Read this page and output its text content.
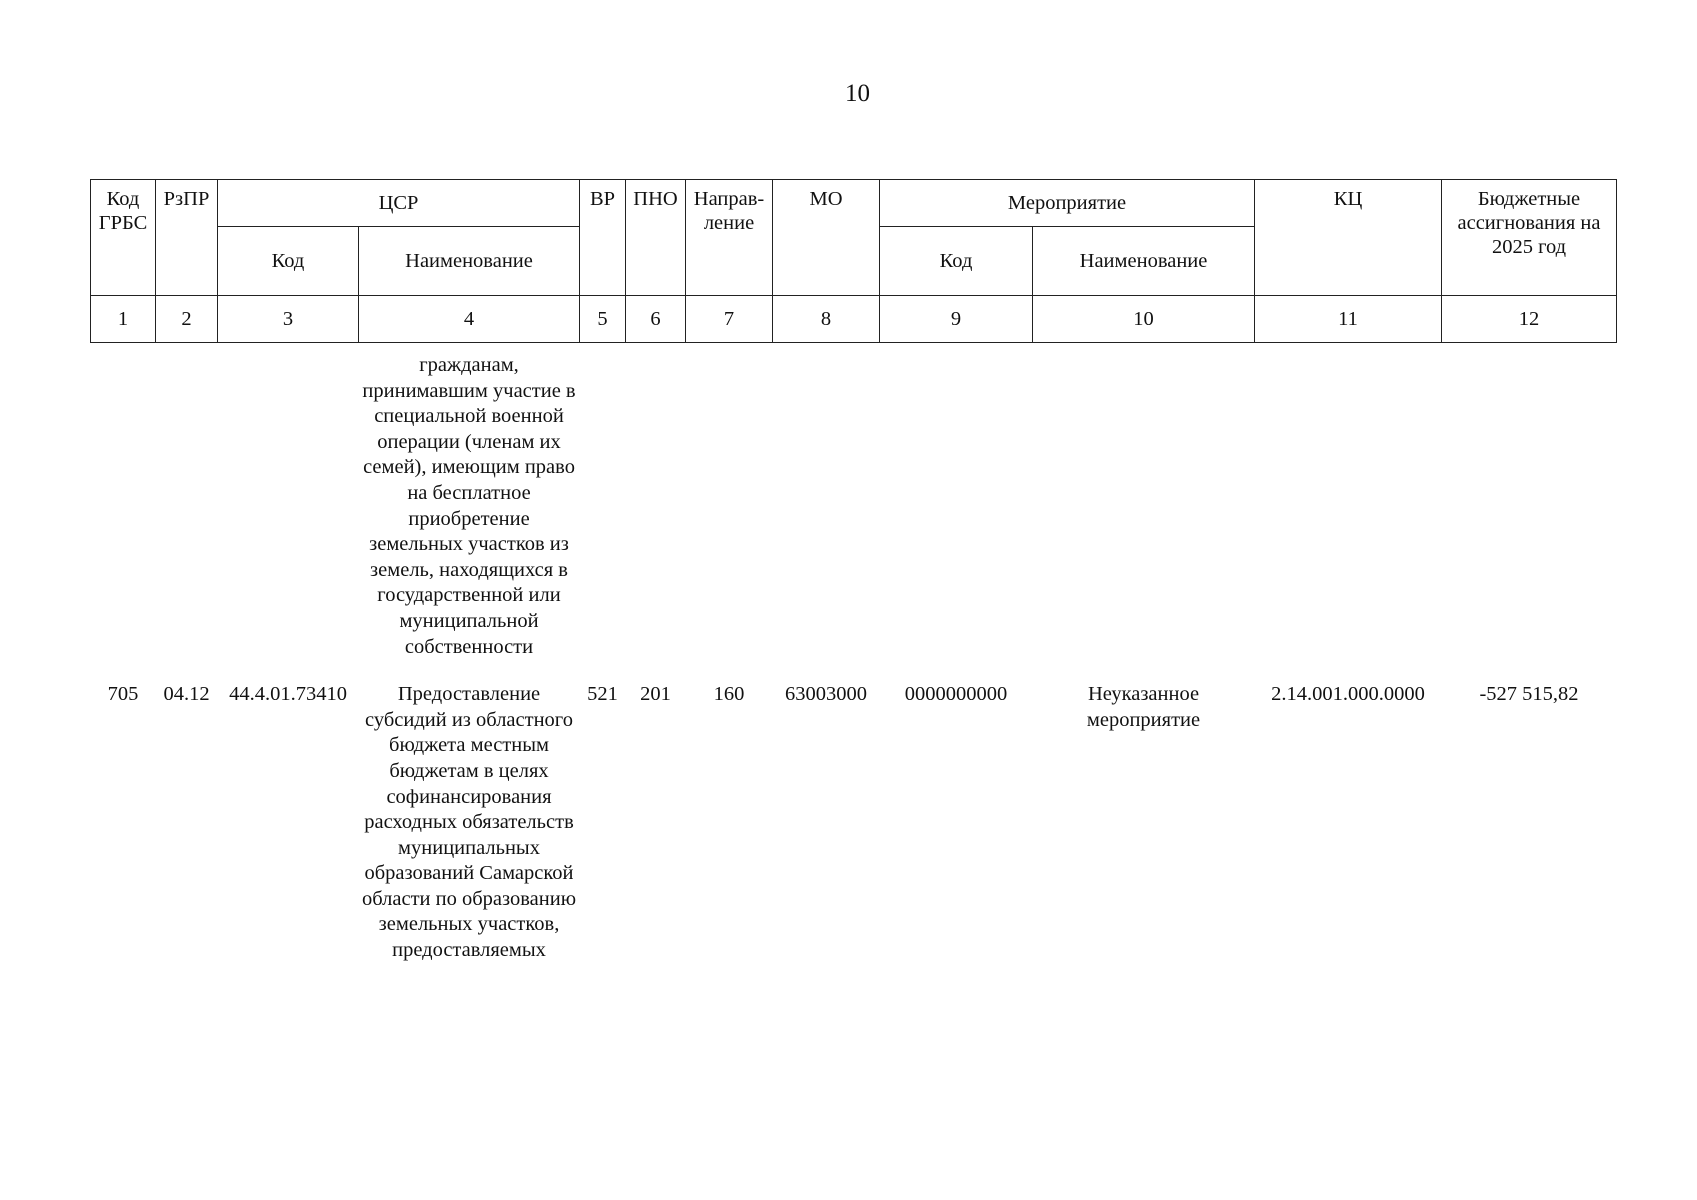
10
Код ГРБС	РзПР	ЦСР		ВР	ПНО	Направ-ление	МО	Мероприятие		КЦ	Бюджетные ассигнования на 2025 год
		Код	Наименование					Код	Наименование		
1	2	3	4	5	6	7	8	9	10	11	12
			гражданам, принимавшим участие в специальной военной операции (членам их семей), имеющим право на бесплатное приобретение земельных участков из земель, находящихся в государственной или муниципальной собственности								
705	04.12	44.4.01.73410	Предоставление субсидий из областного бюджета местным бюджетам в целях софинансирования расходных обязательств муниципальных образований Самарской области по образованию земельных участков, предоставляемых	521	201	160	63003000	0000000000	Неуказанное мероприятие	2.14.001.000.0000	-527 515,82
